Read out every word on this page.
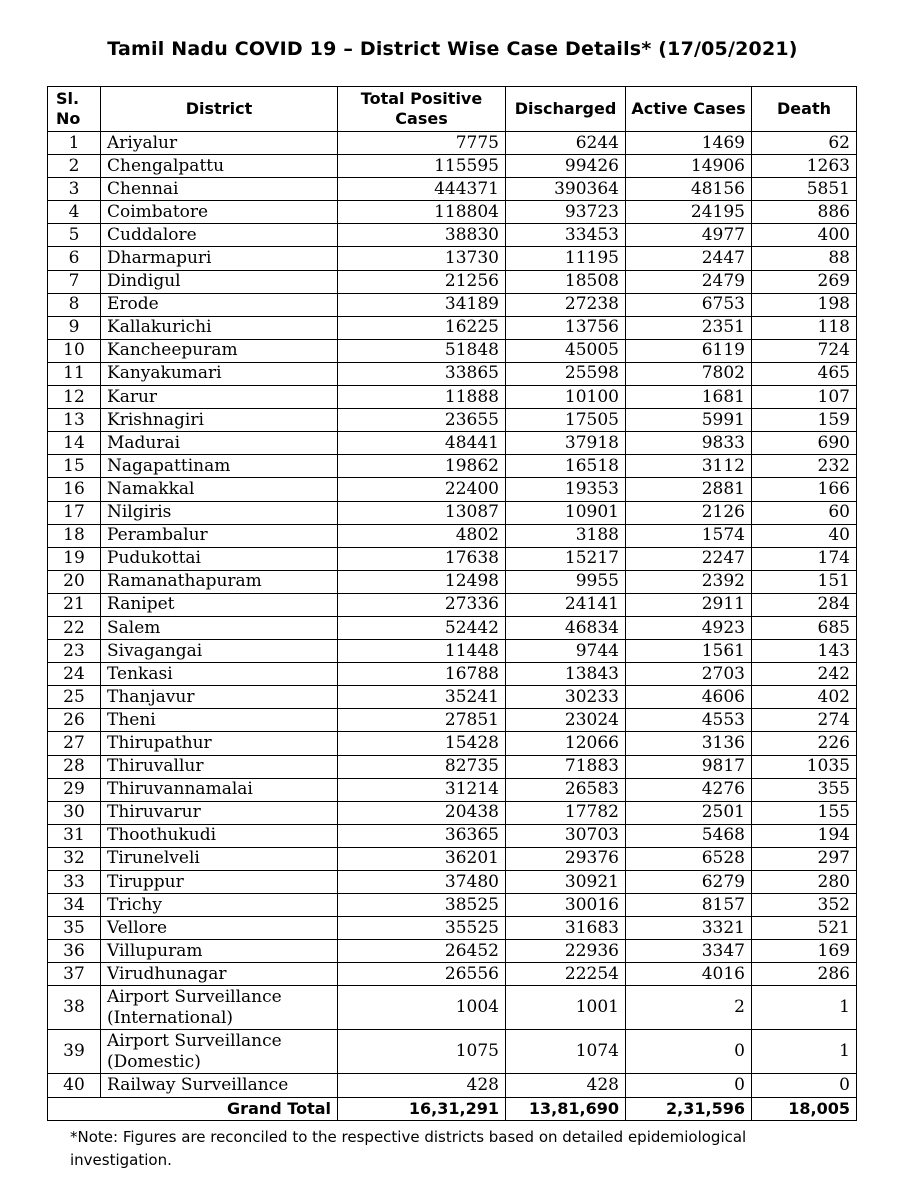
Tamil Nadu COVID 19 – District Wise Case Details* (17/05/2021)
Sl. No	District	Total Positive Cases	Discharged	Active Cases	Death
1	Ariyalur	7775	6244	1469	62
2	Chengalpattu	115595	99426	14906	1263
3	Chennai	444371	390364	48156	5851
4	Coimbatore	118804	93723	24195	886
5	Cuddalore	38830	33453	4977	400
6	Dharmapuri	13730	11195	2447	88
7	Dindigul	21256	18508	2479	269
8	Erode	34189	27238	6753	198
9	Kallakurichi	16225	13756	2351	118
10	Kancheepuram	51848	45005	6119	724
11	Kanyakumari	33865	25598	7802	465
12	Karur	11888	10100	1681	107
13	Krishnagiri	23655	17505	5991	159
14	Madurai	48441	37918	9833	690
15	Nagapattinam	19862	16518	3112	232
16	Namakkal	22400	19353	2881	166
17	Nilgiris	13087	10901	2126	60
18	Perambalur	4802	3188	1574	40
19	Pudukottai	17638	15217	2247	174
20	Ramanathapuram	12498	9955	2392	151
21	Ranipet	27336	24141	2911	284
22	Salem	52442	46834	4923	685
23	Sivagangai	11448	9744	1561	143
24	Tenkasi	16788	13843	2703	242
25	Thanjavur	35241	30233	4606	402
26	Theni	27851	23024	4553	274
27	Thirupathur	15428	12066	3136	226
28	Thiruvallur	82735	71883	9817	1035
29	Thiruvannamalai	31214	26583	4276	355
30	Thiruvarur	20438	17782	2501	155
31	Thoothukudi	36365	30703	5468	194
32	Tirunelveli	36201	29376	6528	297
33	Tiruppur	37480	30921	6279	280
34	Trichy	38525	30016	8157	352
35	Vellore	35525	31683	3321	521
36	Villupuram	26452	22936	3347	169
37	Virudhunagar	26556	22254	4016	286
38	Airport Surveillance (International)	1004	1001	2	1
39	Airport Surveillance (Domestic)	1075	1074	0	1
40	Railway Surveillance	428	428	0	0
Grand Total		16,31,291	13,81,690	2,31,596	18,005
*Note: Figures are reconciled to the respective districts based on detailed epidemiological investigation.
